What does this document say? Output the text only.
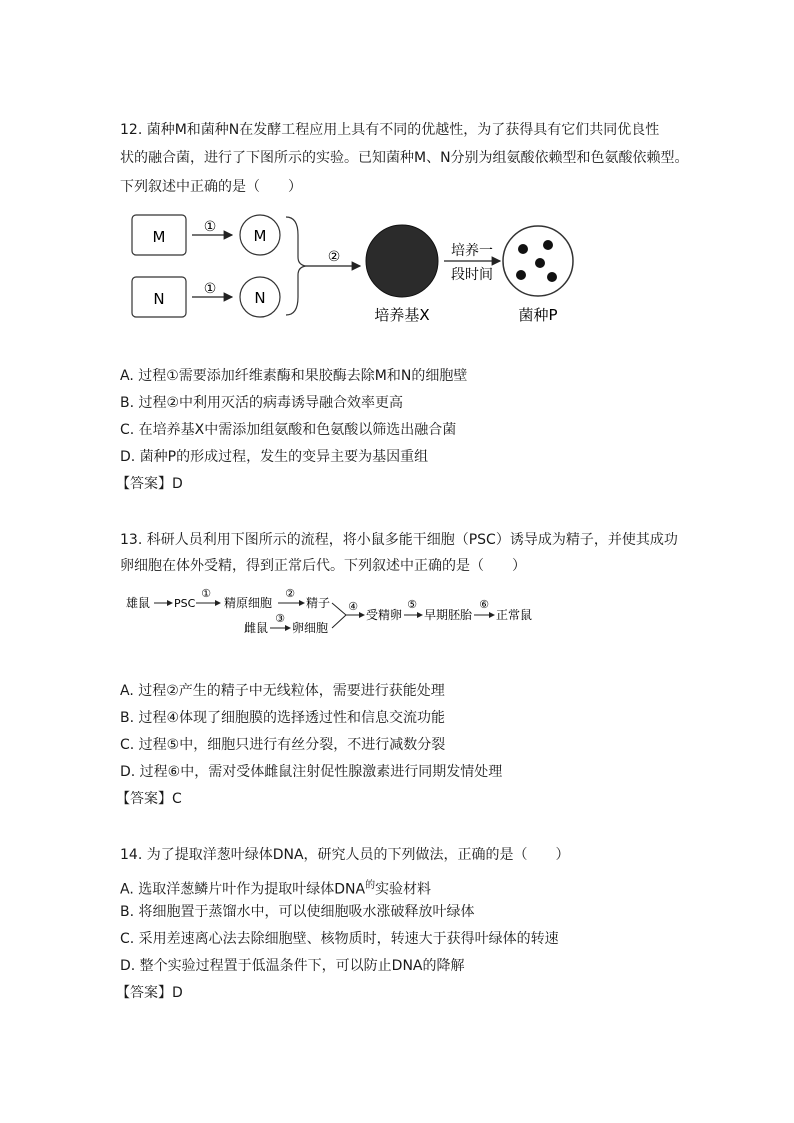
12. 菌种M和菌种N在发酵工程应用上具有不同的优越性，为了获得具有它们共同优良性
状的融合菌，进行了下图所示的实验。已知菌种M、N分别为组氨酸依赖型和色氨酸依赖型。
下列叙述中正确的是（　　）
M
① M
N
①	N
②
培养基X
培养一
段时间
菌种P
A. 过程①需要添加纤维素酶和果胶酶去除M和N的细胞壁
B. 过程②中利用灭活的病毒诱导融合效率更高
C. 在培养基X中需添加组氨酸和色氨酸以筛选出融合菌
D. 菌种P的形成过程，发生的变异主要为基因重组
【答案】D
13. 科研人员利用下图所示的流程，将小鼠多能干细胞（PSC）诱导成为精子，并使其成功
卵细胞在体外受精，得到正常后代。下列叙述中正确的是（　　）
雄鼠 PSC
①
精原细胞
②
精子
雌鼠
③
卵细胞
④
受精卵
⑤
早期胚胎
⑥
正常鼠
A. 过程②产生的精子中无线粒体，需要进行获能处理
B. 过程④体现了细胞膜的选择透过性和信息交流功能
C. 过程⑤中，细胞只进行有丝分裂，不进行减数分裂
D. 过程⑥中，需对受体雌鼠注射促性腺激素进行同期发情处理
【答案】C
14. 为了提取洋葱叶绿体DNA，研究人员的下列做法，正确的是（　　）
A. 选取洋葱鳞片叶作为提取叶绿体$DNA^的$实验材料
B. 将细胞置于蒸馏水中，可以使细胞吸水涨破释放叶绿体
C. 采用差速离心法去除细胞壁、核物质时，转速大于获得叶绿体的转速
D. 整个实验过程置于低温条件下，可以防止DNA的降解
【答案】D
